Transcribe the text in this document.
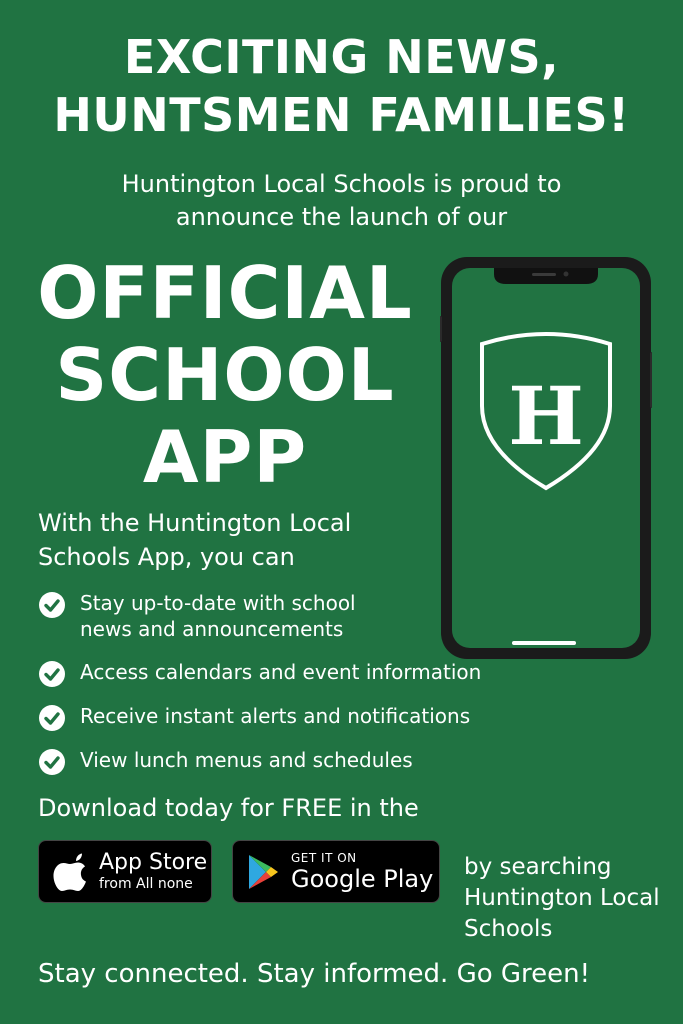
EXCITING NEWS,
HUNTSMEN FAMILIES!
Huntington Local Schools is proud to
announce the launch of our
OFFICIAL
SCHOOL
APP	H
With the Huntington Local
Schools App, you can
Stay up-to-date with school
news and announcements
Access calendars and event information
Receive instant alerts and notifications
View lunch menus and schedules
Download today for FREE in the
App Store
from All none
GET IT ON
Google Play by searching
Huntington Local
Schools
Stay connected. Stay informed. Go Green!
